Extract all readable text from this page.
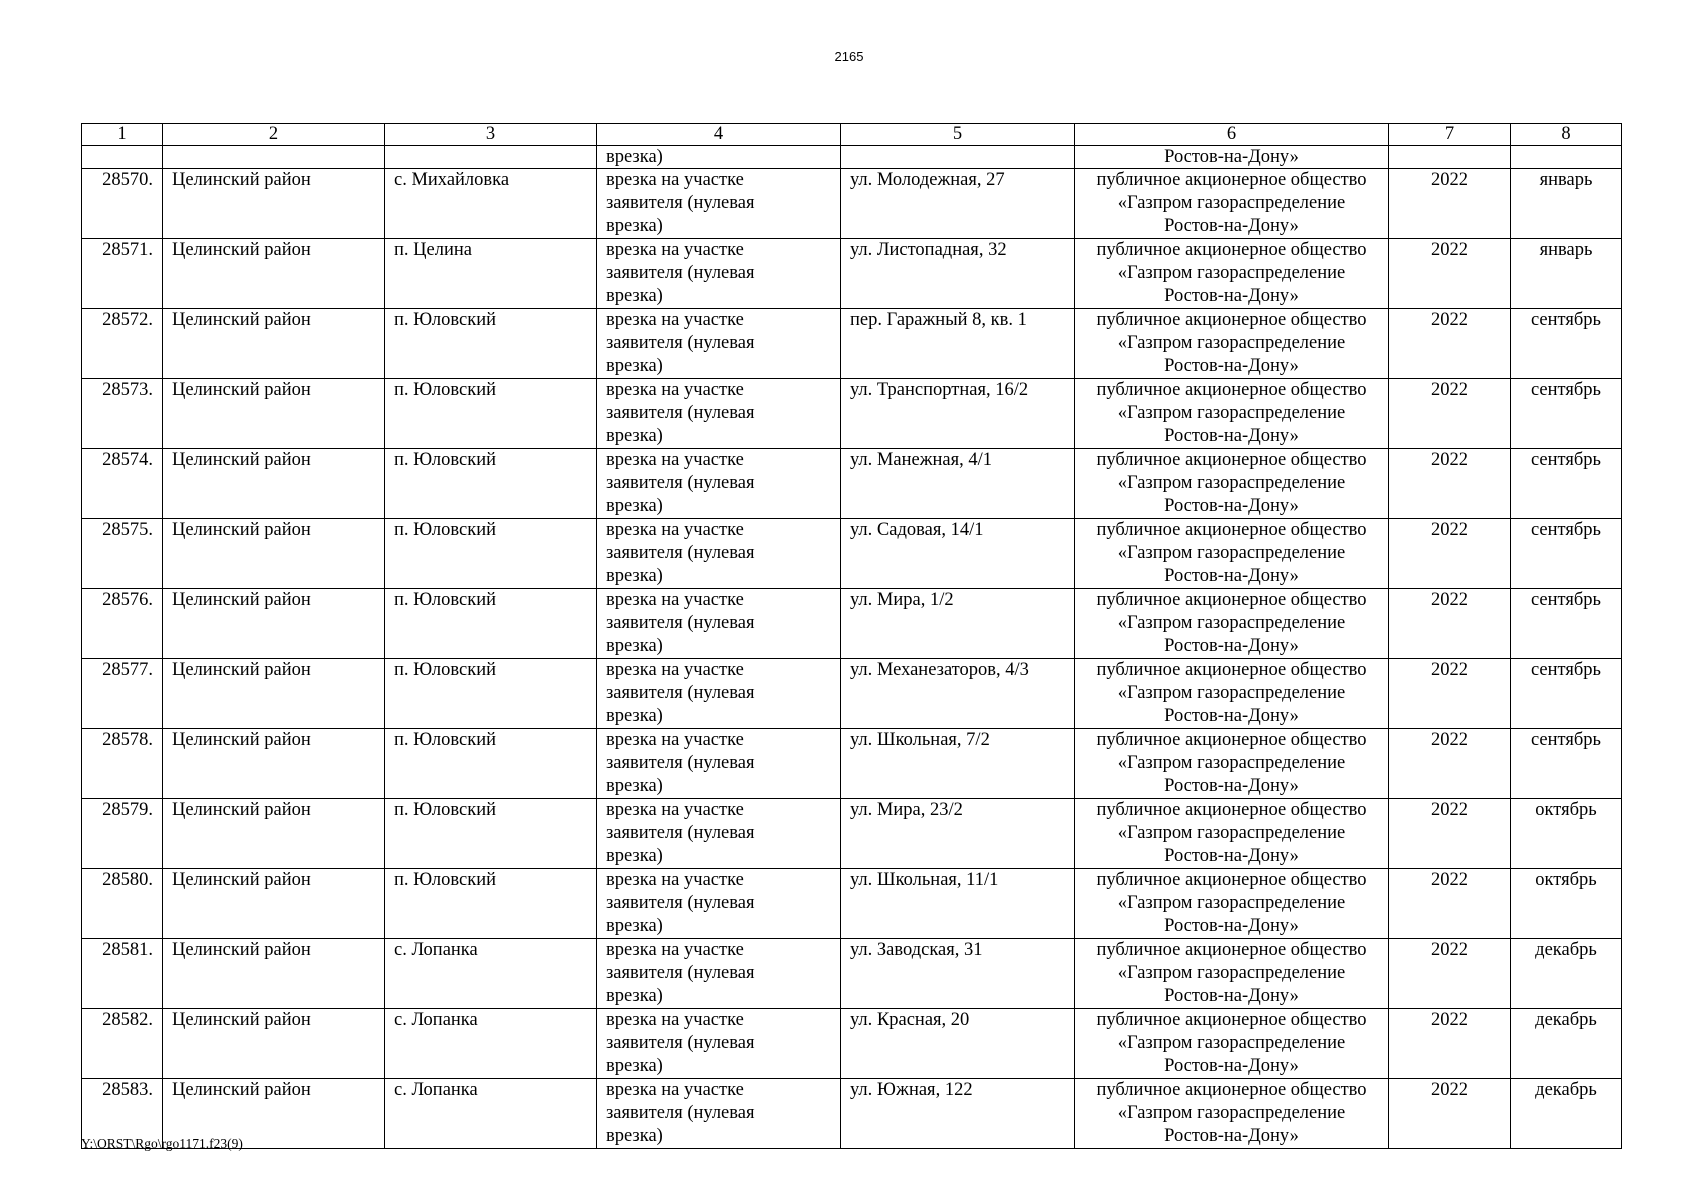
2165
1	2	3	4	5	6	7	8
			врезка)		Ростов-на-Дону»		
28570.	Целинский район	с. Михайловка	врезка на участке
заявителя (нулевая
врезка)	ул. Молодежная, 27	публичное акционерное общество
«Газпром газораспределение
Ростов-на-Дону»	2022	январь
28571.	Целинский район	п. Целина	врезка на участке
заявителя (нулевая
врезка)	ул. Листопадная, 32	публичное акционерное общество
«Газпром газораспределение
Ростов-на-Дону»	2022	январь
28572.	Целинский район	п. Юловский	врезка на участке
заявителя (нулевая
врезка)	пер. Гаражный 8, кв. 1	публичное акционерное общество
«Газпром газораспределение
Ростов-на-Дону»	2022	сентябрь
28573.	Целинский район	п. Юловский	врезка на участке
заявителя (нулевая
врезка)	ул. Транспортная, 16/2	публичное акционерное общество
«Газпром газораспределение
Ростов-на-Дону»	2022	сентябрь
28574.	Целинский район	п. Юловский	врезка на участке
заявителя (нулевая
врезка)	ул. Манежная, 4/1	публичное акционерное общество
«Газпром газораспределение
Ростов-на-Дону»	2022	сентябрь
28575.	Целинский район	п. Юловский	врезка на участке
заявителя (нулевая
врезка)	ул. Садовая, 14/1	публичное акционерное общество
«Газпром газораспределение
Ростов-на-Дону»	2022	сентябрь
28576.	Целинский район	п. Юловский	врезка на участке
заявителя (нулевая
врезка)	ул. Мира, 1/2	публичное акционерное общество
«Газпром газораспределение
Ростов-на-Дону»	2022	сентябрь
28577.	Целинский район	п. Юловский	врезка на участке
заявителя (нулевая
врезка)	ул. Механезаторов, 4/3	публичное акционерное общество
«Газпром газораспределение
Ростов-на-Дону»	2022	сентябрь
28578.	Целинский район	п. Юловский	врезка на участке
заявителя (нулевая
врезка)	ул. Школьная, 7/2	публичное акционерное общество
«Газпром газораспределение
Ростов-на-Дону»	2022	сентябрь
28579.	Целинский район	п. Юловский	врезка на участке
заявителя (нулевая
врезка)	ул. Мира, 23/2	публичное акционерное общество
«Газпром газораспределение
Ростов-на-Дону»	2022	октябрь
28580.	Целинский район	п. Юловский	врезка на участке
заявителя (нулевая
врезка)	ул. Школьная, 11/1	публичное акционерное общество
«Газпром газораспределение
Ростов-на-Дону»	2022	октябрь
28581.	Целинский район	с. Лопанка	врезка на участке
заявителя (нулевая
врезка)	ул. Заводская, 31	публичное акционерное общество
«Газпром газораспределение
Ростов-на-Дону»	2022	декабрь
28582.	Целинский район	с. Лопанка	врезка на участке
заявителя (нулевая
врезка)	ул. Красная, 20	публичное акционерное общество
«Газпром газораспределение
Ростов-на-Дону»	2022	декабрь
28583.	Целинский район	с. Лопанка	врезка на участке
заявителя (нулевая
врезка)	ул. Южная, 122	публичное акционерное общество
«Газпром газораспределение
Ростов-на-Дону»	2022	декабрь
Y:\ORST\Rgo\rgo1171.f23(9)
